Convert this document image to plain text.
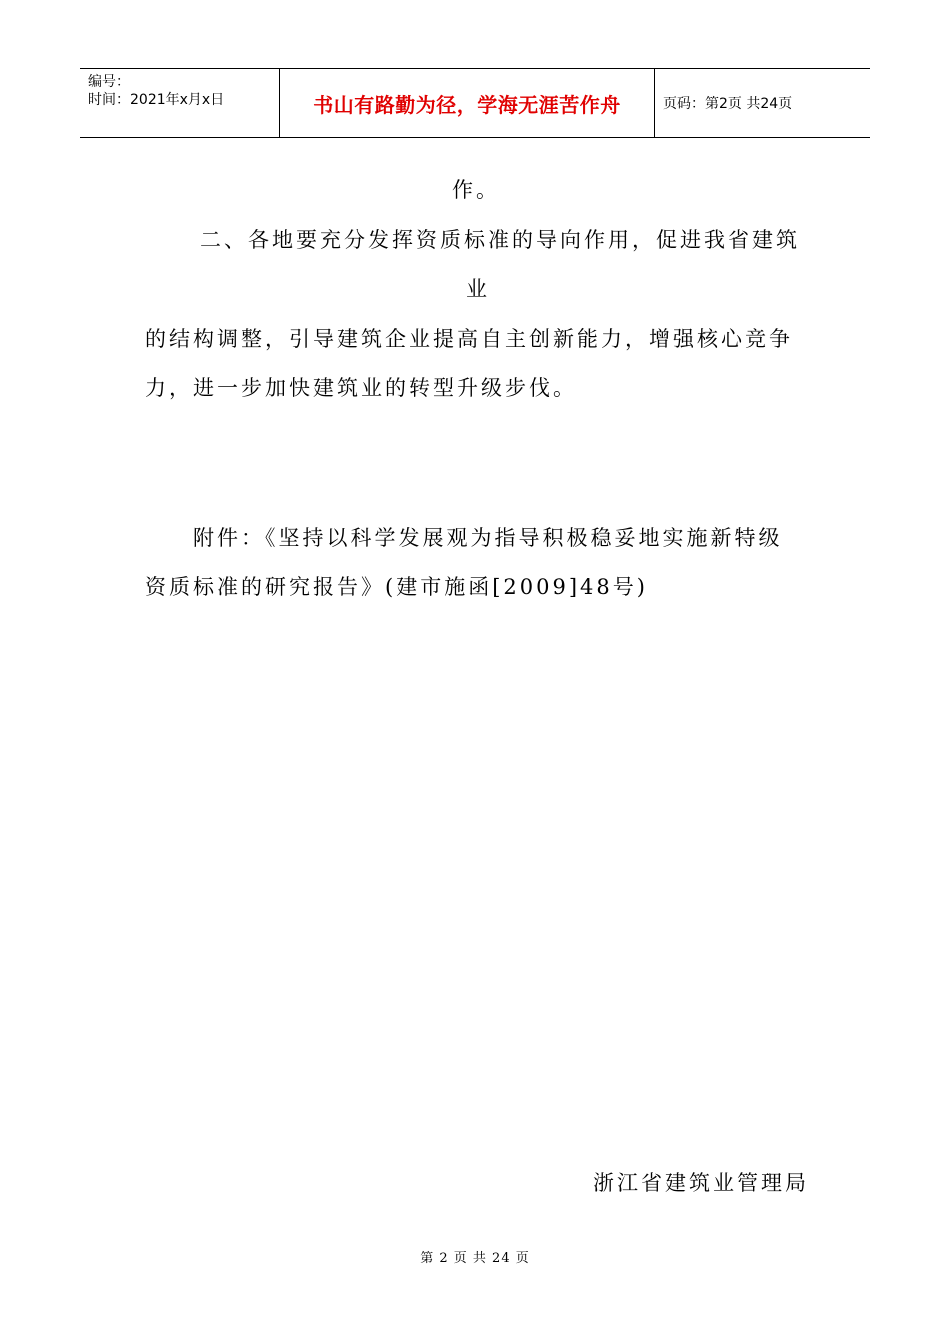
编号：
时间：2021年x月x日	书山有路勤为径，学海无涯苦作舟	页码：第2页 共24页
作。
二、各地要充分发挥资质标准的导向作用，促进我省建筑
业
的结构调整，引导建筑企业提高自主创新能力，增强核心竞争
力，进一步加快建筑业的转型升级步伐。
附件：《坚持以科学发展观为指导积极稳妥地实施新特级
资质标准的研究报告》(建市施函[2009]48号)
浙江省建筑业管理局
第 2 页 共 24 页
